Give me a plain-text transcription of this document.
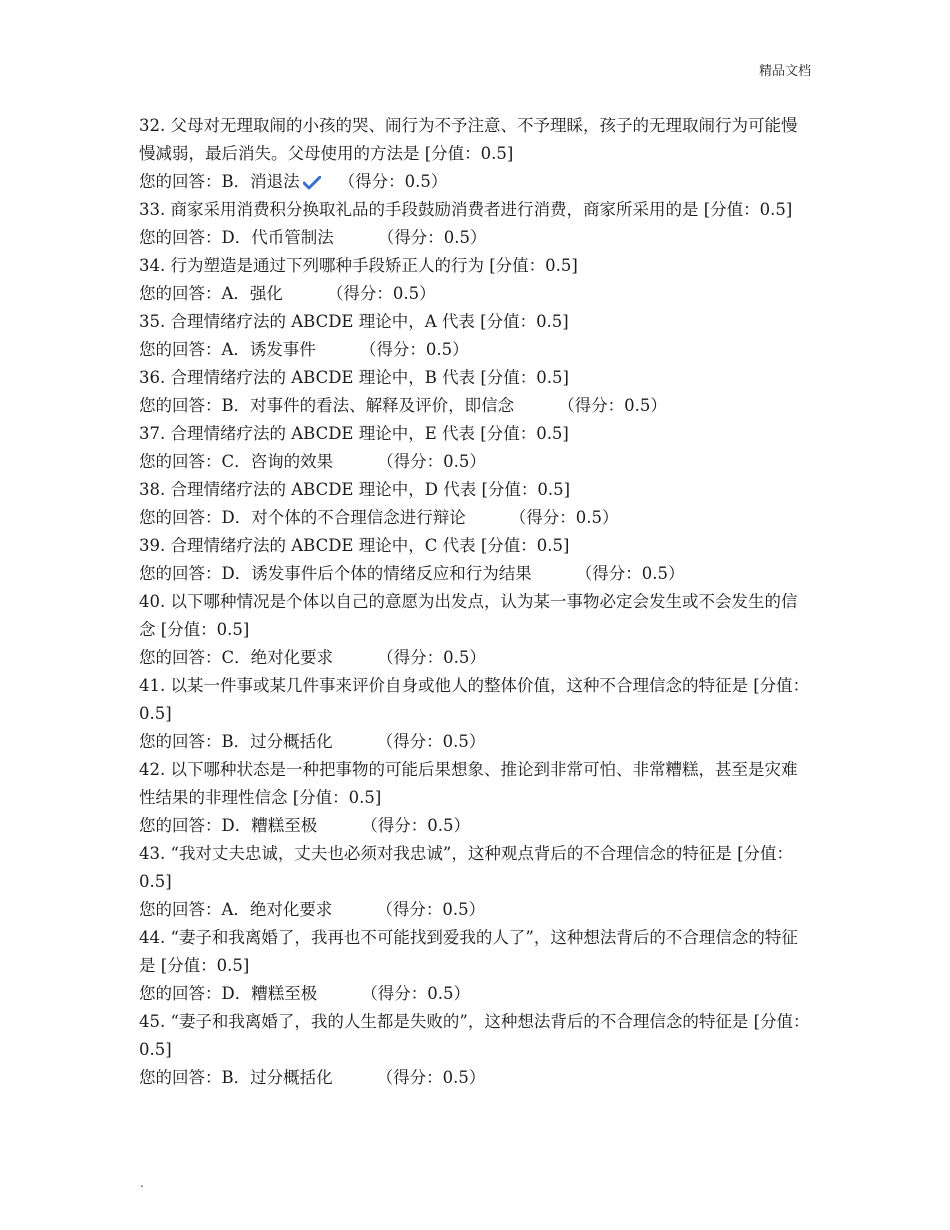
精品文档

32. 父母对无理取闹的小孩的哭、闹行为不予注意、不予理睬，孩子的无理取闹行为可能慢慢减弱，最后消失。父母使用的方法是 [分值：0.5]

您的回答：B．消退法 （得分：0.5）

33. 商家采用消费积分换取礼品的手段鼓励消费者进行消费，商家所采用的是 [分值：0.5]

您的回答：D．代币管制法	（得分：0.5）

34. 行为塑造是通过下列哪种手段矫正人的行为 [分值：0.5]

您的回答：A．强化	（得分：0.5）

35. 合理情绪疗法的 ABCDE 理论中，A 代表 [分值：0.5]

您的回答：A．诱发事件	（得分：0.5）

36. 合理情绪疗法的 ABCDE 理论中，B 代表 [分值：0.5]

您的回答：B．对事件的看法、解释及评价，即信念	（得分：0.5）

37. 合理情绪疗法的 ABCDE 理论中，E 代表 [分值：0.5]

您的回答：C．咨询的效果	（得分：0.5）

38. 合理情绪疗法的 ABCDE 理论中，D 代表 [分值：0.5]

您的回答：D．对个体的不合理信念进行辩论	（得分：0.5）

39. 合理情绪疗法的 ABCDE 理论中，C 代表 [分值：0.5]

您的回答：D．诱发事件后个体的情绪反应和行为结果	（得分：0.5）

40. 以下哪种情况是个体以自己的意愿为出发点，认为某一事物必定会发生或不会发生的信念 [分值：0.5]

您的回答：C．绝对化要求	（得分：0.5）

41. 以某一件事或某几件事来评价自身或他人的整体价值，这种不合理信念的特征是 [分值：0.5]

您的回答：B．过分概括化	（得分：0.5）

42. 以下哪种状态是一种把事物的可能后果想象、推论到非常可怕、非常糟糕，甚至是灾难性结果的非理性信念 [分值：0.5]

您的回答：D．糟糕至极	（得分：0.5）

43. “我对丈夫忠诚，丈夫也必须对我忠诚”，这种观点背后的不合理信念的特征是 [分值：0.5]

您的回答：A．绝对化要求	（得分：0.5）

44. “妻子和我离婚了，我再也不可能找到爱我的人了”，这种想法背后的不合理信念的特征是 [分值：0.5]

您的回答：D．糟糕至极	（得分：0.5）

45. “妻子和我离婚了，我的人生都是失败的”，这种想法背后的不合理信念的特征是 [分值：0.5]

您的回答：B．过分概括化	（得分：0.5）

.
